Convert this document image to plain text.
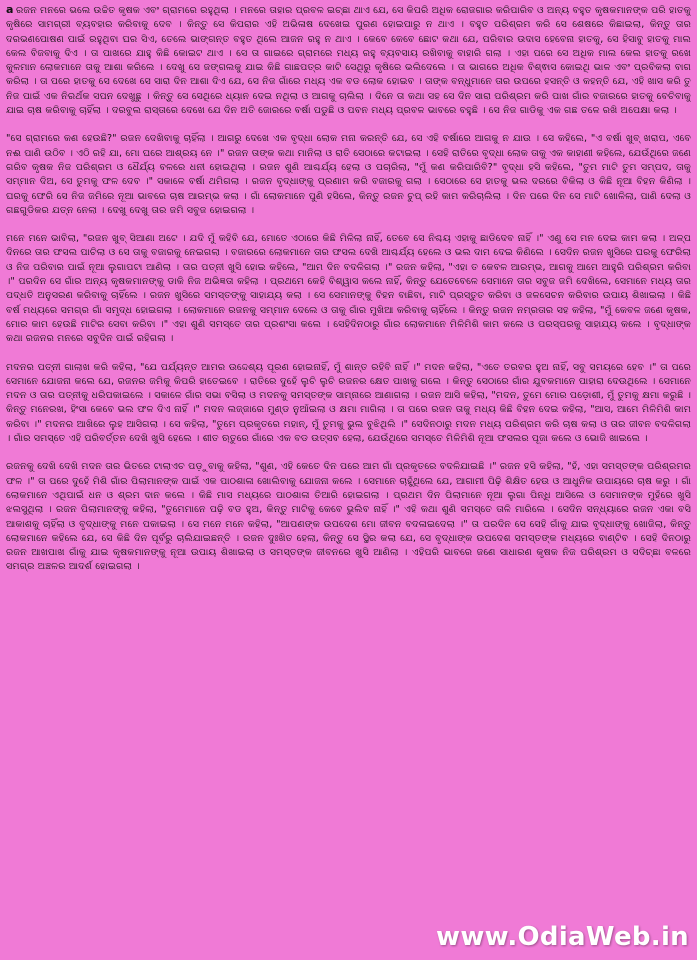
a ରଜନ ମନରେ ଭଲେ ଉଚ୍ଚିତ କୃଷକ ଏବଂ ଗ୍ରାମରେ ରହୁଥିଲା । ମନରେ ତାହାର ପ୍ରବଳ ଇଚ୍ଛା ଥାଏ ଯେ, ସେ କିପରି ଅଧିକ ରୋଜଗାର କରିପାରିବ ଓ ଅନ୍ୟ ବହୁତ କୃଷକମାନଙ୍କ ପରି ହାତକୁ କୃଷିରେ ସାମଗ୍ରୀ ବ୍ୟବହାର କରିବାକୁ ଦେବ । କିନ୍ତୁ ସେ କିପରାର ଏହି ଅଭିଳାଷ ଦେଖେଇ ପୁରଣ ହୋଇପାରୁ ନ ଥାଏ । ବହୁତ ପରିଶ୍ରମ କରି ସେ ଶେଷରେ କିଛାଇଲା, କିନ୍ତୁ ତାର ଦରଭଣପୋଷଣ ପାଇଁ ରହୁଥିବା ଘର ସିଏ, ତେଲେ ଭାଙ୍ଗନ୍ତ ବହୁତ ଥିଲେ ଆଜନ ରହୁ ନ ଥାଏ । କେବେ କେବେ ଛୋଟ କଥା ଯେ, ପରିବାର ଉଦାସ ହେବେନା ହାତକୁ, ସେ ହିସାବୁ ହାତକୁ ମାଲ କେଲ ବିଜବାକୁ ଦିଏ । ତା ପାଖରେ ଯାହୁ କିଛି କୋଇଟ ଥାଏ । ସେ ତା ଗାଇରେ ଗ୍ରାମରେ ମଧ୍ୟ ରହୁ ବ୍ୟବସାୟ ରଖିବାକୁ ବାହାରି ଗଲା । ଏହା ପରେ ସେ ଅଧିକ ମାଲ କେଲ ହାତକୁ ରଖେ କୁଳମାନ ଲୋକମାନେ ତାକୁ ଆଶା କରିଲେ । ଦେଖୁ ସେ ଜଙ୍ଗଲକୁ ଯାଇ କିଛି ଗାଛପତ୍ର କାଟି ସେଥିରୁ କୃଷିରେ ଭଲିଦେଲେ । ତା ଭାଗରେ ଅଧିକ ବିଶ୍ଵାସ କୋଇଥି ଭାଳ ଏବଂ ପ୍ରବିକଲା ବାଗ କରିଲା । ତା ପରେ ହାତକୁ ସେ ଦେଖେ ସେ ସାରା ଦିନ ଆଶା ଦିଏ ଯେ, ସେ ନିଜ ଗାଁରେ ମଧ୍ୟ ଏକ ବଡ ଲୋକ ହୋଇବ । ତାଙ୍କ ବନ୍ଧୁମାନେ ତାର ଉପରେ ହସନ୍ତି ଓ କହନ୍ତି ଯେ, ଏହି ଖାସ କରି ତୁ ନିଜ ପାଇଁ ଏକ ନିରର୍ଥକ ସପନ ଦେଖୁଛୁ । କିନ୍ତୁ ସେ ସେଥିରେ ଧ୍ୟାନ ଦେଇ ନଥିଲା ଓ ଆଗକୁ ଚାଲିଲା । ଦିନେ ତା କଥା ସହ ସେ ଦିନ ସାରା ପରିଶ୍ରମ କରି ପାଖ ଗାଁର ବଜାରରେ ହାତକୁ ବେଚିବାକୁ ଯାଇ ଚାଷ କରିବାକୁ ଚାହିଁଲା । ଦରବୁଲ ରାସ୍ତାରେ ଦେଖେ ଯେ ଦିନ ଅତି ଜୋରରେ ବର୍ଷା ପଡୁଛି ଓ ପବନ ମଧ୍ୟ ପ୍ରବଳ ଭାବରେ ବହୁଛି । ସେ ନିଜ ଗାଡିକୁ ଏକ ଗଛ ତଳେ ରଖି ଅପେକ୍ଷା କଲା ।

"ସେ ଗ୍ରାମରେ କଣ ହେଉଛି?" ରଜନ ଦେଖିବାକୁ ଚାହିଁଲା । ଆଗରୁ ଦେଖେ ଏକ ବୃଦ୍ଧା ଲୋକ ମନା କରନ୍ତି ଯେ, ସେ ଏହି ବର୍ଷାରେ ଆଗକୁ ନ ଯାଉ । ସେ କହିଲେ, "ଏ ବର୍ଷା ଖୁବ୍ ଖରାପ, ଏବେ ନଈ ପାଣି ଉଠିବ । ଏଠି ରହି ଯା, ମୋ ଘରେ ଆଶ୍ରୟ ନେ ।" ରଜନ ତାଙ୍କ କଥା ମାନିଲା ଓ ରାତି ସେଠାରେ କଟାଇଲା । ସେହି ରାତିରେ ବୃଦ୍ଧା ଲୋକ ତାକୁ ଏକ କାହାଣୀ କହିଲେ, ଯେଉଁଥିରେ ଜଣେ ଗରିବ କୃଷକ ନିଜ ପରିଶ୍ରମ ଓ ଧୈର୍ଯ୍ୟ ବଳରେ ଧନୀ ହୋଇଥିଲା । ରଜନ ଶୁଣି ଆଶ୍ଚର୍ଯ୍ୟ ହେଲା ଓ ପଚାରିଲା, "ମୁଁ କଣ କରିପାରିବି?" ବୃଦ୍ଧା ହସି କହିଲେ, "ତୁମ ମାଟି ତୁମ ସମ୍ପଦ, ତାକୁ ସମ୍ମାନ ଦିଅ, ସେ ତୁମକୁ ଫଳ ଦେବ ।" ସକାଳେ ବର୍ଷା ଥମିଗଲା । ରଜନ ବୃଦ୍ଧାଙ୍କୁ ପ୍ରଣାମ କରି ବଜାରକୁ ଗଲା । ସେଠାରେ ସେ ହାତକୁ ଭଲ ଦରରେ ବିକିଲା ଓ କିଛି ନୂଆ ବିହନ କିଣିଲା । ଘରକୁ ଫେରି ସେ ନିଜ ଜମିରେ ନୂଆ ଭାବରେ ଚାଷ ଆରମ୍ଭ କଲା । ଗାଁ ଲୋକମାନେ ପୁଣି ହସିଲେ, କିନ୍ତୁ ରଜନ ଚୁପ୍ ରହି କାମ କରିଚାଲିଲା । ଦିନ ପରେ ଦିନ ସେ ମାଟି ଖୋଳିଲା, ପାଣି ଦେଲା ଓ ଗଛଗୁଡିକର ଯତ୍ନ ନେଲା । ଦେଖୁ ଦେଖୁ ତାର ଜମି ସବୁଜ ହୋଇଗଲା ।

ମନେ ମନେ ଭାବିଲା, "ରଜନ ଖୁବ୍ ସିଆଣା ଅଟେ । ଯଦି ମୁଁ କହିବି ଯେ, ମୋତେ ଏଠାରେ କିଛି ମିଳିଲା ନାହିଁ, ତେବେ ସେ ନିଶ୍ଚୟ ଏହାକୁ ଛାଡିଦେବ ନାହିଁ ।" ଏଣୁ ସେ ମନ ଦେଇ କାମ କଲା । ଅଳ୍ପ ଦିନରେ ତାର ଫସଲ ପାଚିଲା ଓ ସେ ତାକୁ ବଜାରକୁ ନେଇଗଲା । ବଜାରରେ ଲୋକମାନେ ତାର ଫସଲ ଦେଖି ଆଶ୍ଚର୍ଯ୍ୟ ହେଲେ ଓ ଭଲ ଦାମ ଦେଇ କିଣିଲେ । ସେଦିନ ରଜନ ଖୁସିରେ ଘରକୁ ଫେରିଲା ଓ ନିଜ ପରିବାର ପାଇଁ ନୂଆ ଲୁଗାପଟା ଆଣିଲା । ତାର ପତ୍ନୀ ଖୁସି ହୋଇ କହିଲେ, "ଆମ ଦିନ ବଦଳିଗଲା ।" ରଜନ କହିଲା, "ଏହା ତ କେବଳ ଆରମ୍ଭ, ଆଗକୁ ଆମେ ଆହୁରି ପରିଶ୍ରମ କରିବା ।" ପରଦିନ ସେ ଗାଁର ଅନ୍ୟ କୃଷକମାନଙ୍କୁ ଡାକି ନିଜ ଅଭିଜ୍ଞତା କହିଲା । ପ୍ରଥମେ କେହି ବିଶ୍ୱାସ କଲେ ନାହିଁ, କିନ୍ତୁ ଯେତେବେଳେ ସେମାନେ ତାର ସବୁଜ ଜମି ଦେଖିଲେ, ସେମାନେ ମଧ୍ୟ ତାର ପଦ୍ଧତି ଅନୁସରଣ କରିବାକୁ ଚାହିଁଲେ । ରଜନ ଖୁସିରେ ସମସ୍ତଙ୍କୁ ସାହାଯ୍ୟ କଲା । ସେ ସେମାନଙ୍କୁ ବିହନ ବାଛିବା, ମାଟି ପ୍ରସ୍ତୁତ କରିବା ଓ ଜଳସେଚନ କରିବାର ଉପାୟ ଶିଖାଇଲା । କିଛି ବର୍ଷ ମଧ୍ୟରେ ସମଗ୍ର ଗାଁ ସମୃଦ୍ଧ ହୋଇଗଲା । ଲୋକମାନେ ରଜନକୁ ସମ୍ମାନ ଦେଲେ ଓ ତାକୁ ଗାଁର ମୁଖିଆ କରିବାକୁ ଚାହିଁଲେ । କିନ୍ତୁ ରଜନ ନମ୍ରତାର ସହ କହିଲା, "ମୁଁ କେବଳ ଜଣେ କୃଷକ, ମୋର କାମ ହେଉଛି ମାଟିର ସେବା କରିବା ।" ଏହା ଶୁଣି ସମସ୍ତେ ତାର ପ୍ରଶଂସା କଲେ । ସେହିଦିନଠାରୁ ଗାଁର ଲୋକମାନେ ମିଳିମିଶି କାମ କଲେ ଓ ପରସ୍ପରକୁ ସାହାଯ୍ୟ କଲେ । ବୃଦ୍ଧାଙ୍କ କଥା ରଜନର ମନରେ ସବୁଦିନ ପାଇଁ ରହିଗଲା ।

ମଦନର ପତ୍ନୀ ଗାଲାଖ କରି କହିଲା, "ଯେ ପର୍ଯ୍ୟନ୍ତ ଆମର ଉଦ୍ଦେଶ୍ୟ ପୂରଣ ହୋଇନାହିଁ, ମୁଁ ଶାନ୍ତ ରହିବି ନାହିଁ ।" ମଦନ କହିଲା, "ଏତେ ତରବର ହୁଅ ନାହିଁ, ସବୁ ସମୟରେ ହେବ ।" ତା ପରେ ସେମାନେ ଯୋଜନା କଲେ ଯେ, ରଜନର ଜମିକୁ କିପରି ହାତେଇବେ । ରାତିରେ ଦୁହେଁ ଲୁଚି ଲୁଚି ରଜନର କ୍ଷେତ ପାଖକୁ ଗଲେ । କିନ୍ତୁ ସେଠାରେ ଗାଁର ଯୁବକମାନେ ପାହାରା ଦେଉଥିଲେ । ସେମାନେ ମଦନ ଓ ତାର ପତ୍ନୀକୁ ଧରିପକାଇଲେ । ସକାଳେ ଗାଁର ସଭା ବସିଲା ଓ ମଦନକୁ ସମସ୍ତଙ୍କ ସାମ୍ନାରେ ଆଣାଗଲା । ରଜନ ଆସି କହିଲା, "ମଦନ, ତୁମେ ମୋର ପଡ଼ୋଶୀ, ମୁଁ ତୁମକୁ କ୍ଷମା କରୁଛି । କିନ୍ତୁ ମନେରଖ, ହିଂସା କେବେ ଭଲ ଫଳ ଦିଏ ନାହିଁ ।" ମଦନ ଲଜ୍ଜାରେ ମୁଣ୍ଡ ନୁଆଁଇଲା ଓ କ୍ଷମା ମାଗିଲା । ତା ପରେ ରଜନ ତାକୁ ମଧ୍ୟ କିଛି ବିହନ ଦେଇ କହିଲା, "ଆସ, ଆମେ ମିଳିମିଶି କାମ କରିବା ।" ମଦନର ଆଖିରେ ଲୁହ ଆସିଗଲା । ସେ କହିଲା, "ତୁମେ ପ୍ରକୃତରେ ମହାନ୍, ମୁଁ ତୁମକୁ ଭୁଲ ବୁଝିଥିଲି ।" ସେଦିନଠାରୁ ମଦନ ମଧ୍ୟ ପରିଶ୍ରମ କରି ଚାଷ କଲା ଓ ତାର ଜୀବନ ବଦଳିଗଲା । ଗାଁର ସମସ୍ତେ ଏହି ପରିବର୍ତ୍ତନ ଦେଖି ଖୁସି ହେଲେ । ଶୀତ ଋତୁରେ ଗାଁରେ ଏକ ବଡ ଉତ୍ସବ ହେଲା, ଯେଉଁଥିରେ ସମସ୍ତେ ମିଳିମିଶି ନୂଆ ଫସଲର ପୂଜା କଲେ ଓ ଭୋଜି ଖାଇଲେ ।

ରଜନକୁ ଦେଖି ଦେଖି ମଦନ ତାର ଭିତରେ ଟାଲାଏଚ ପଡ଼ୁବାକୁ କହିଲା, "ଶୁଣ, ଏହି କେତେ ଦିନ ପରେ ଆମ ଗାଁ ପ୍ରକୃତରେ ବଦଳିଯାଇଛି ।" ରଜନ ହସି କହିଲା, "ହଁ, ଏହା ସମସ୍ତଙ୍କ ପରିଶ୍ରମର ଫଳ ।" ତା ପରେ ଦୁହେଁ ମିଶି ଗାଁର ପିଲାମାନଙ୍କ ପାଇଁ ଏକ ପାଠଶାଳା ଖୋଲିବାକୁ ଯୋଜନା କଲେ । ସେମାନେ ଚାହୁଁଥିଲେ ଯେ, ଆଗାମୀ ପିଢ଼ି ଶିକ୍ଷିତ ହେଉ ଓ ଆଧୁନିକ ଉପାୟରେ ଚାଷ କରୁ । ଗାଁ ଲୋକମାନେ ଏଥିପାଇଁ ଧନ ଓ ଶ୍ରମ ଦାନ କଲେ । କିଛି ମାସ ମଧ୍ୟରେ ପାଠଶାଳା ତିଆରି ହୋଇଗଲା । ପ୍ରଥମ ଦିନ ପିଲାମାନେ ନୂଆ ଲୁଗା ପିନ୍ଧି ଆସିଲେ ଓ ସେମାନଙ୍କ ମୁହଁରେ ଖୁସି ଝଲସୁଥିଲା । ରଜନ ପିଲାମାନଙ୍କୁ କହିଲା, "ତୁମେମାନେ ପଢ଼ି ବଡ ହୁଅ, କିନ୍ତୁ ମାଟିକୁ କେବେ ଭୁଲିବ ନାହିଁ ।" ଏହି କଥା ଶୁଣି ସମସ୍ତେ ତାଳି ମାରିଲେ । ସେଦିନ ସନ୍ଧ୍ୟାରେ ରଜନ ଏକା ବସି ଆକାଶକୁ ଚାହିଁଲା ଓ ବୃଦ୍ଧାଙ୍କୁ ମନେ ପକାଇଲା । ସେ ମନେ ମନେ କହିଲା, "ଆପଣଙ୍କ ଉପଦେଶ ମୋ ଜୀବନ ବଦଳାଇଦେଲା ।" ତା ପରଦିନ ସେ ସେହି ଗାଁକୁ ଯାଇ ବୃଦ୍ଧାଙ୍କୁ ଖୋଜିଲା, କିନ୍ତୁ ଲୋକମାନେ କହିଲେ ଯେ, ସେ କିଛି ଦିନ ପୂର୍ବରୁ ଚାଲିଯାଇଛନ୍ତି । ରଜନ ଦୁଃଖିତ ହେଲା, କିନ୍ତୁ ସେ ସ୍ଥିର କଲା ଯେ, ସେ ବୃଦ୍ଧାଙ୍କ ଉପଦେଶ ସମସ୍ତଙ୍କ ମଧ୍ୟରେ ବାଣ୍ଟିବ । ସେହି ଦିନଠାରୁ ରଜନ ଆଖପାଖ ଗାଁକୁ ଯାଇ କୃଷକମାନଙ୍କୁ ନୂଆ ଉପାୟ ଶିଖାଇଲା ଓ ସମସ୍ତଙ୍କ ଜୀବନରେ ଖୁସି ଆଣିଲା । ଏହିପରି ଭାବରେ ଜଣେ ସାଧାରଣ କୃଷକ ନିଜ ପରିଶ୍ରମ ଓ ସଦିଚ୍ଛା ବଳରେ ସମଗ୍ର ଅଞ୍ଚଳର ଆଦର୍ଶ ହୋଇଗଲା ।

www.OdiaWeb.in
